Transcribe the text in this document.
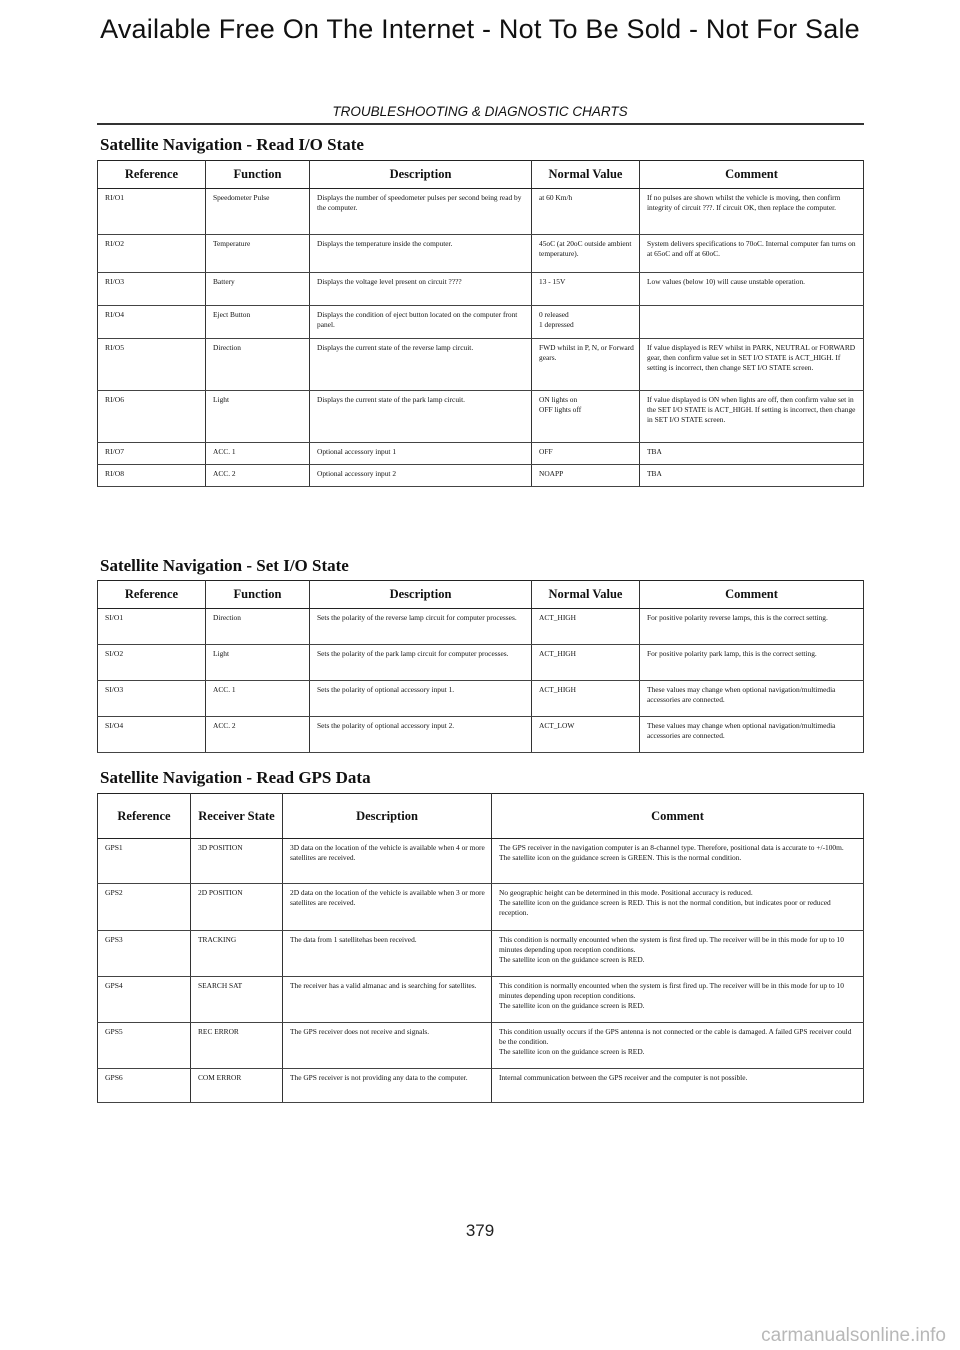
Available Free On The Internet - Not To Be Sold - Not For Sale
TROUBLESHOOTING & DIAGNOSTIC CHARTS
Satellite Navigation - Read I/O State
Reference	Function	Description	Normal Value	Comment
RI/O1	Speedometer Pulse	Displays the number of speedometer pulses per second being read by the computer.	at 60 Km/h	If no pulses are shown whilst the vehicle is moving, then confirm integrity of circuit ???. If circuit OK, then replace the computer.
RI/O2	Temperature	Displays the temperature inside the computer.	45oC (at 20oC outside ambient temperature).	System delivers specifications to 70oC. Internal computer fan turns on at 65oC and off at 60oC.
RI/O3	Battery	Displays the voltage level present on circuit ????	13 - 15V	Low values (below 10) will cause unstable operation.
RI/O4	Eject Button	Displays the condition of eject button located on the computer front panel.	0 released
1 depressed	
RI/O5	Direction	Displays the current state of the reverse lamp circuit.	FWD whilst in P, N, or Forward gears.	If value displayed is REV whilst in PARK, NEUTRAL or FORWARD gear, then confirm value set in SET I/O STATE is ACT_HIGH. If setting is incorrect, then change SET I/O STATE screen.
RI/O6	Light	Displays the current state of the park lamp circuit.	ON lights on
OFF lights off	If value displayed is ON when lights are off, then confirm value set in the SET I/O STATE is ACT_HIGH. If setting is incorrect, then change in SET I/O STATE screen.
RI/O7	ACC. 1	Optional accessory input 1	OFF	TBA
RI/O8	ACC. 2	Optional accessory input 2	NOAPP	TBA
Satellite Navigation - Set I/O State
Reference	Function	Description	Normal Value	Comment
SI/O1	Direction	Sets the polarity of the reverse lamp circuit for computer processes.	ACT_HIGH	For positive polarity reverse lamps, this is the correct setting.
SI/O2	Light	Sets the polarity of the park lamp circuit for computer processes.	ACT_HIGH	For positive polarity park lamp, this is the correct setting.
SI/O3	ACC. 1	Sets the polarity of optional accessory input 1.	ACT_HIGH	These values may change when optional navigation/multimedia accessories are connected.
SI/O4	ACC. 2	Sets the polarity of optional accessory input 2.	ACT_LOW	These values may change when optional navigation/multimedia accessories are connected.
Satellite Navigation - Read GPS Data
Reference	Receiver State	Description	Comment
GPS1	3D POSITION	3D data on the location of the vehicle is available when 4 or more satellites are received.	The GPS receiver in the navigation computer is an 8-channel type. Therefore, positional data is accurate to +/-100m.
The satellite icon on the guidance screen is GREEN. This is the normal condition.
GPS2	2D POSITION	2D data on the location of the vehicle is available when 3 or more satellites are received.	No geographic height can be determined in this mode. Positional accuracy is reduced.
The satellite icon on the guidance screen is RED. This is not the normal condition, but indicates poor or reduced reception.
GPS3	TRACKING	The data from 1 satellitehas been received.	This condition is normally encounted when the system is first fired up. The receiver will be in this mode for up to 10 minutes depending upon reception conditions.
The satellite icon on the guidance screen is RED.
GPS4	SEARCH SAT	The receiver has a valid almanac and is searching for satellites.	This condition is normally encounted when the system is first fired up. The receiver will be in this mode for up to 10 minutes depending upon reception conditions.
The satellite icon on the guidance screen is RED.
GPS5	REC ERROR	The GPS receiver does not receive and signals.	This condition usually occurs if the GPS antenna is not connected or the cable is damaged. A failed GPS receiver could be the condition.
The satellite icon on the guidance screen is RED.
GPS6	COM ERROR	The GPS receiver is not providing any data to the computer.	Internal communication between the GPS receiver and the computer is not possible.
379
carmanualsonline.info
